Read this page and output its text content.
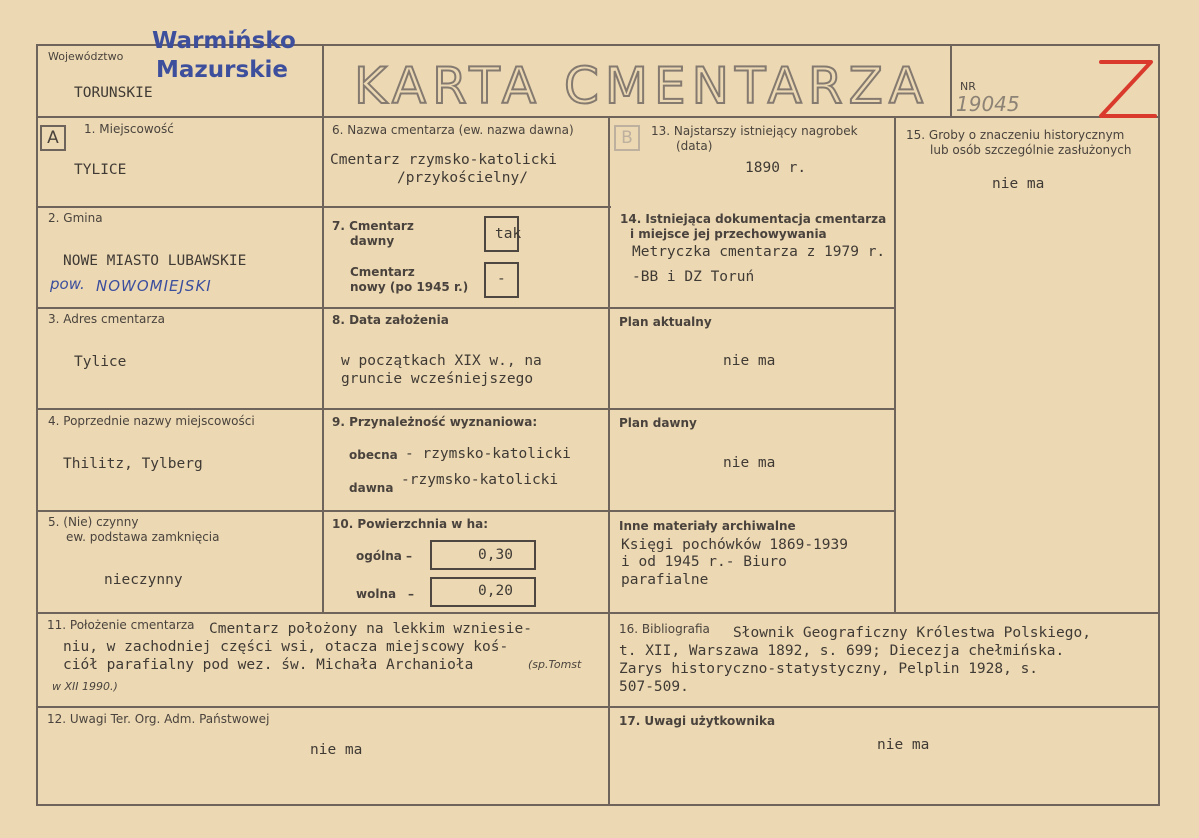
Województwo
TORUNSKIE
Warmińsko
Mazurskie KARTA CMENTARZA	NR
19045
A	B
1. Miejscowość
TYLICE
2. Gmina
NOWE MIASTO LUBAWSKIE
pow. NOWOMIEJSKI
3. Adres cmentarza
Tylice
4. Poprzednie nazwy miejscowości
Thilitz, Tylberg
5. (Nie) czynny
ew. podstawa zamknięcia
nieczynny
6. Nazwa cmentarza (ew. nazwa dawna)
Cmentarz rzymsko-katolicki
/przykościelny/
7. Cmentarz
dawny	tak
Cmentarz
nowy (po 1945 r.) -
8. Data założenia
w początkach XIX w., na
gruncie wcześniejszego
9. Przynależność wyznaniowa:
obecna - rzymsko-katolicki
dawna -rzymsko-katolicki
10. Powierzchnia w ha:
ogólna –	0,30
wolna –	0,20
11. Położenie cmentarza Cmentarz położony na lekkim wzniesie-
niu, w zachodniej części wsi, otacza miejscowy koś-
ciół parafialny pod wez. św. Michała Archanioła	(sp.Tomst
w XII 1990.)
12. Uwagi Ter. Org. Adm. Państwowej
nie ma
13. Najstarszy istniejący nagrobek
(data)
1890 r.
14. Istniejąca dokumentacja cmentarza
i miejsce jej przechowywania
Metryczka cmentarza z 1979 r.
-BB i DZ Toruń
Plan aktualny
nie ma
Plan dawny
nie ma
Inne materiały archiwalne
Księgi pochówków 1869-1939
i od 1945 r.- Biuro
parafialne
15. Groby o znaczeniu historycznym
lub osób szczególnie zasłużonych
nie ma
16. Bibliografia Słownik Geograficzny Królestwa Polskiego,
t. XII, Warszawa 1892, s. 699; Diecezja chełmińska.
Zarys historyczno-statystyczny, Pelplin 1928, s.
507-509.
17. Uwagi użytkownika
nie ma
